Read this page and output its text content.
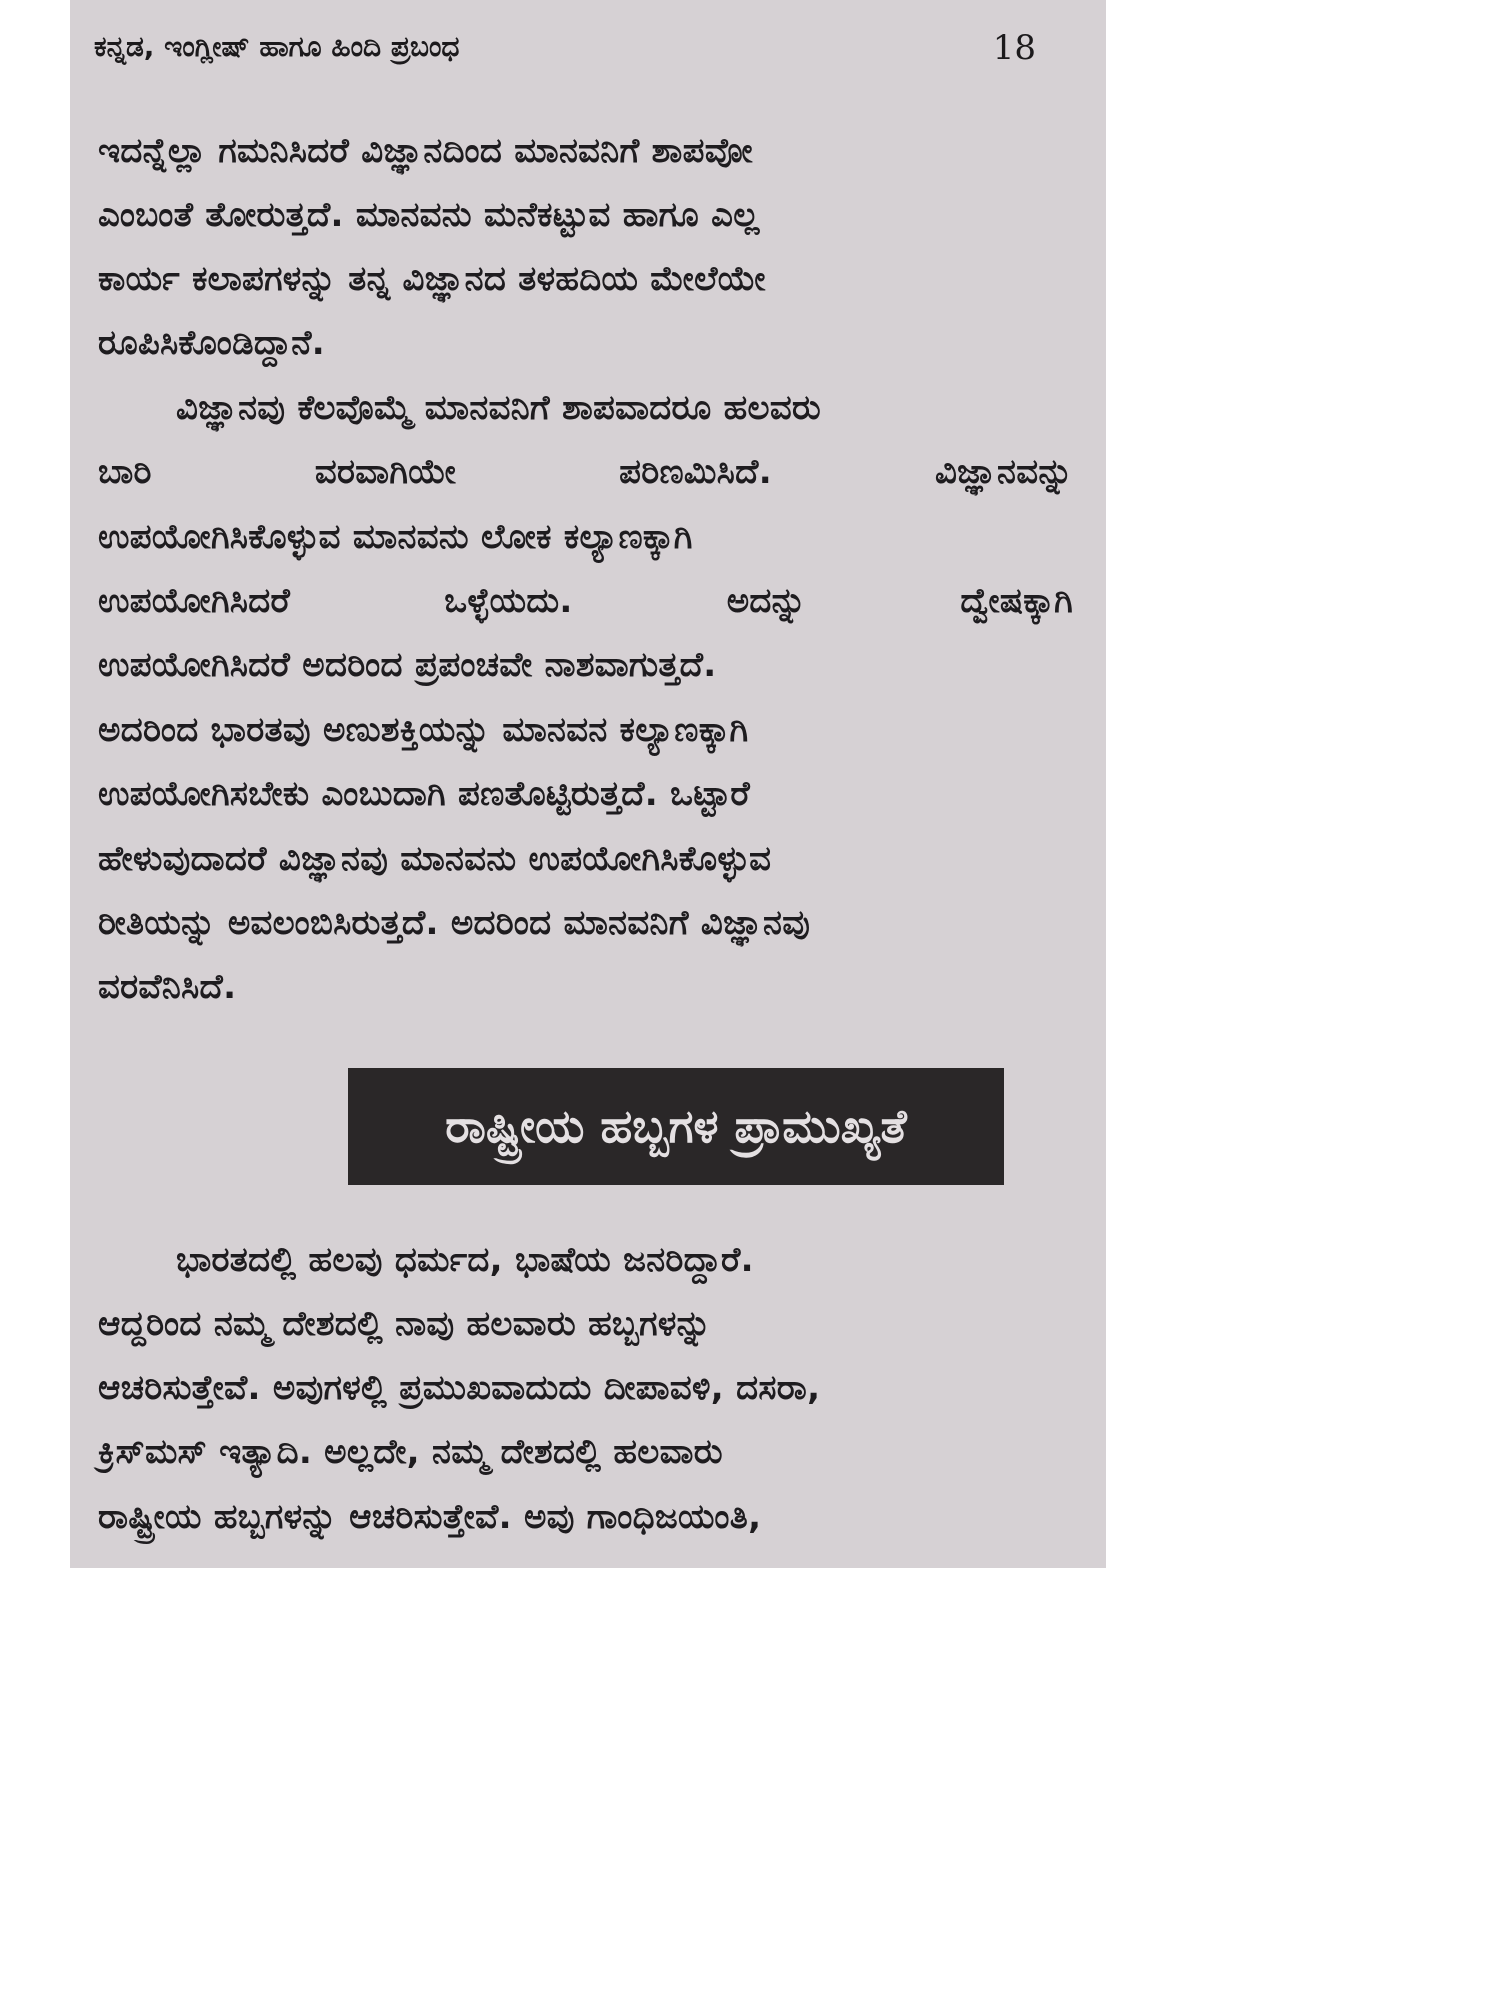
ಕನ್ನಡ, ಇಂಗ್ಲೀಷ್ ಹಾಗೂ ಹಿಂದಿ ಪ್ರಬಂಧ	18
ಇದನ್ನೆಲ್ಲಾ ಗಮನಿಸಿದರೆ ವಿಜ್ಞಾನದಿಂದ ಮಾನವನಿಗೆ ಶಾಪವೋ
ಎಂಬಂತೆ ತೋರುತ್ತದೆ. ಮಾನವನು ಮನೆಕಟ್ಟುವ ಹಾಗೂ ಎಲ್ಲ
ಕಾರ್ಯ ಕಲಾಪಗಳನ್ನು ತನ್ನ ವಿಜ್ಞಾನದ ತಳಹದಿಯ ಮೇಲೆಯೇ
ರೂಪಿಸಿಕೊಂಡಿದ್ದಾನೆ.
ವಿಜ್ಞಾನವು ಕೆಲವೊಮ್ಮೆ ಮಾನವನಿಗೆ ಶಾಪವಾದರೂ ಹಲವರು
ಬಾರಿ	ವರವಾಗಿಯೇ	ಪರಿಣಮಿಸಿದೆ.	ವಿಜ್ಞಾನವನ್ನು
ಉಪಯೋಗಿಸಿಕೊಳ್ಳುವ ಮಾನವನು ಲೋಕ ಕಲ್ಯಾಣಕ್ಕಾಗಿ
ಉಪಯೋಗಿಸಿದರೆ	ಒಳ್ಳೆಯದು.	ಅದನ್ನು	ದ್ವೇಷಕ್ಕಾಗಿ
ಉಪಯೋಗಿಸಿದರೆ ಅದರಿಂದ ಪ್ರಪಂಚವೇ ನಾಶವಾಗುತ್ತದೆ.
ಅದರಿಂದ ಭಾರತವು ಅಣುಶಕ್ತಿಯನ್ನು ಮಾನವನ ಕಲ್ಯಾಣಕ್ಕಾಗಿ
ಉಪಯೋಗಿಸಬೇಕು ಎಂಬುದಾಗಿ ಪಣತೊಟ್ಟಿರುತ್ತದೆ. ಒಟ್ಟಾರೆ
ಹೇಳುವುದಾದರೆ ವಿಜ್ಞಾನವು ಮಾನವನು ಉಪಯೋಗಿಸಿಕೊಳ್ಳುವ
ರೀತಿಯನ್ನು ಅವಲಂಬಿಸಿರುತ್ತದೆ. ಅದರಿಂದ ಮಾನವನಿಗೆ ವಿಜ್ಞಾನವು
ವರವೆನಿಸಿದೆ.
ರಾಷ್ಟ್ರೀಯ ಹಬ್ಬಗಳ ಪ್ರಾಮುಖ್ಯತೆ
ಭಾರತದಲ್ಲಿ ಹಲವು ಧರ್ಮದ, ಭಾಷೆಯ ಜನರಿದ್ದಾರೆ.
ಆದ್ದರಿಂದ ನಮ್ಮ ದೇಶದಲ್ಲಿ ನಾವು ಹಲವಾರು ಹಬ್ಬಗಳನ್ನು
ಆಚರಿಸುತ್ತೇವೆ. ಅವುಗಳಲ್ಲಿ ಪ್ರಮುಖವಾದುದು ದೀಪಾವಳಿ, ದಸರಾ,
ಕ್ರಿಸ್‌ಮಸ್ ಇತ್ಯಾದಿ. ಅಲ್ಲದೇ, ನಮ್ಮ ದೇಶದಲ್ಲಿ ಹಲವಾರು
ರಾಷ್ಟ್ರೀಯ ಹಬ್ಬಗಳನ್ನು ಆಚರಿಸುತ್ತೇವೆ. ಅವು ಗಾಂಧಿಜಯಂತಿ,
